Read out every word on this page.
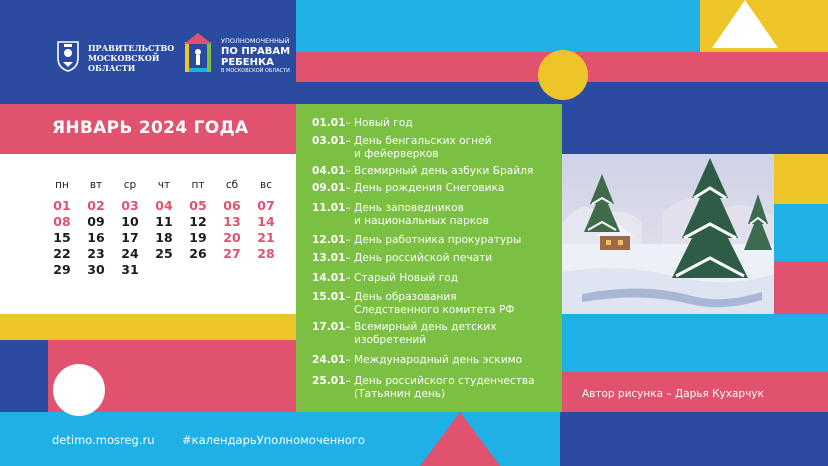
ПРАВИТЕЛЬСТВО
МОСКОВСКОЙ
ОБЛАСТИ
УПОЛНОМОЧЕННЫЙ
ПО ПРАВАМ
РЕБЕНКА
В МОСКОВСКОЙ ОБЛАСТИ
ЯНВАРЬ 2024 ГОДА
пн	вт	ср	чт	пт	сб	вс
01	02	03	04	05	06	07
08	09	10	11	12	13	14
15	16	17	18	19	20	21
22	23	24	25	26	27	28
29	30	31
01.01– Новый год
03.01– День бенгальских огней
и фейерверков
04.01– Всемирный день азбуки Брайля
09.01– День рождения Снеговика
11.01– День заповедников
и национальных парков
12.01– День работника прокуратуры
13.01– День российской печати
14.01– Старый Новый год
15.01– День образования
Следственного комитета РФ
17.01– Всемирный день детских
изобретений
24.01– Международный день эскимо
25.01– День российского студенчества
(Татьянин день)	Автор рисунка – Дарья Кухарчук
detimo.mosreg.ru #календарьУполномоченного
